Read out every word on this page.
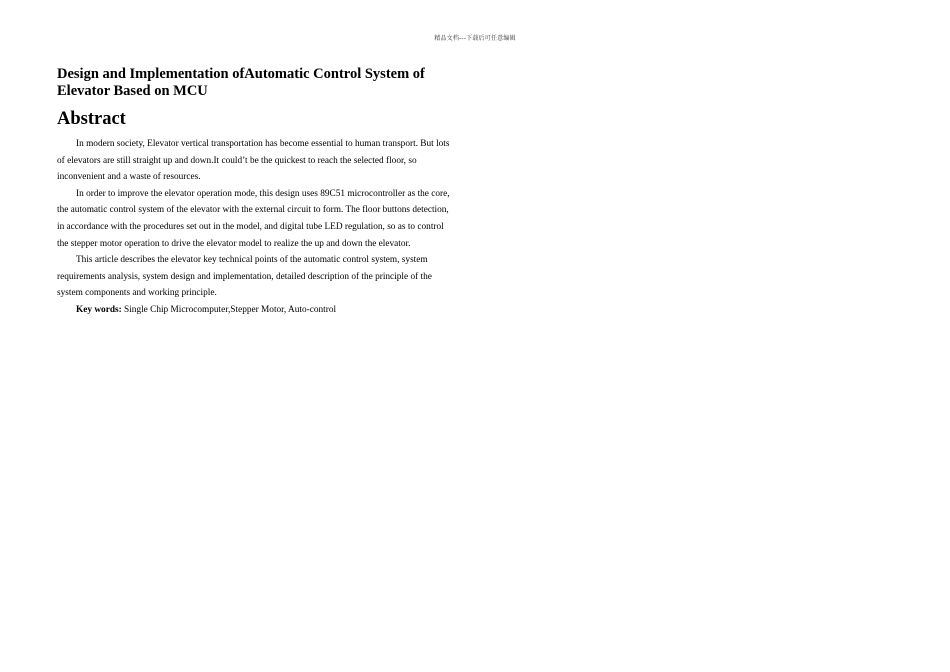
精品文档---下载后可任意编辑
Design and Implementation ofAutomatic Control System of
Elevator Based on MCU
Abstract
In modern society, Elevator vertical transportation has become essential to human transport. But lots
of elevators are still straight up and down.It could’t be the quickest to reach the selected floor, so
inconvenient and a waste of resources.
In order to improve the elevator operation mode, this design uses 89C51 microcontroller as the core,
the automatic control system of the elevator with the external circuit to form. The floor buttons detection,
in accordance with the procedures set out in the model, and digital tube LED regulation, so as to control
the stepper motor operation to drive the elevator model to realize the up and down the elevator.
This article describes the elevator key technical points of the automatic control system, system
requirements analysis, system design and implementation, detailed description of the principle of the
system components and working principle.
Key words: Single Chip Microcomputer,Stepper Motor, Auto-control
